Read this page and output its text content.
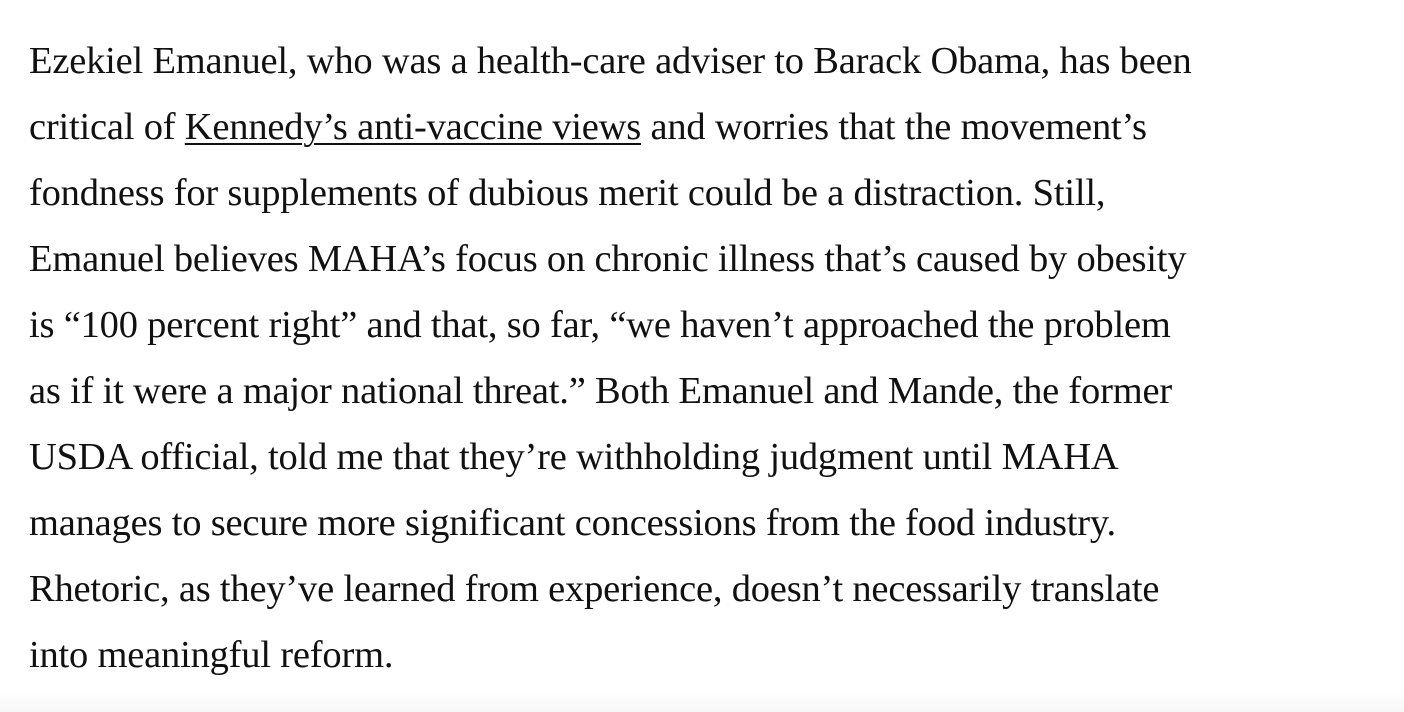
Ezekiel Emanuel, who was a health-care adviser to Barack Obama, has been
critical of Kennedy’s anti-vaccine views and worries that the movement’s
fondness for supplements of dubious merit could be a distraction. Still,
Emanuel believes MAHA’s focus on chronic illness that’s caused by obesity
is “100 percent right” and that, so far, “we haven’t approached the problem
as if it were a major national threat.” Both Emanuel and Mande, the former
USDA official, told me that they’re withholding judgment until MAHA
manages to secure more significant concessions from the food industry.
Rhetoric, as they’ve learned from experience, doesn’t necessarily translate
into meaningful reform.
